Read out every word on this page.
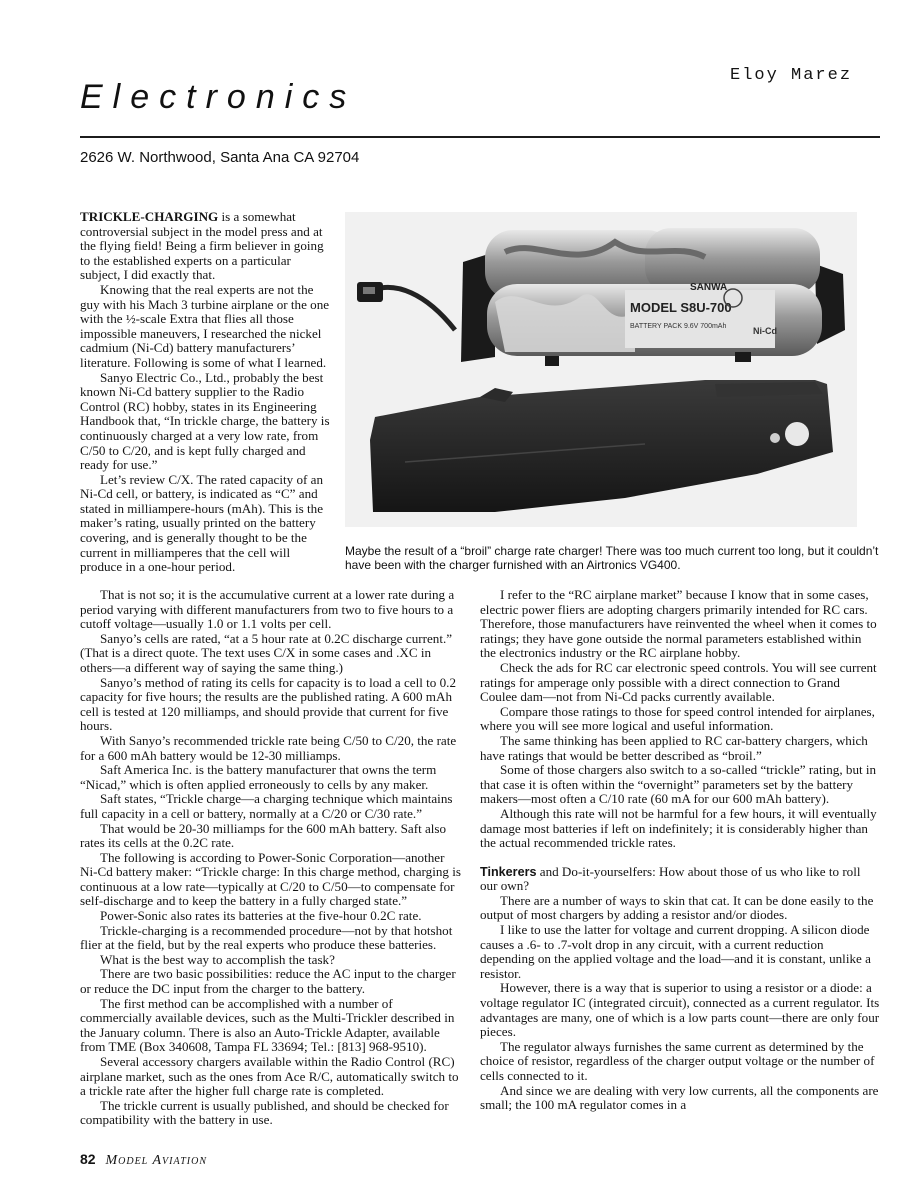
Eloy Marez
Electronics
2626 W. Northwood, Santa Ana CA 92704

TRICKLE-CHARGING is a somewhat controversial subject in the model press and at the flying field! Being a firm believer in going to the established experts on a particular subject, I did exactly that.

Knowing that the real experts are not the guy with his Mach 3 turbine airplane or the one with the ½-scale Extra that flies all those impossible maneuvers, I researched the nickel cadmium (Ni-Cd) battery manufacturers’ literature. Following is some of what I learned.

Sanyo Electric Co., Ltd., probably the best known Ni-Cd battery supplier to the Radio Control (RC) hobby, states in its Engineering Handbook that, “In trickle charge, the battery is continuously charged at a very low rate, from C/50 to C/20, and is kept fully charged and ready for use.”

Let’s review C/X. The rated capacity of an Ni-Cd cell, or battery, is indicated as “C” and stated in milliampere-hours (mAh). This is the maker’s rating, usually printed on the battery covering, and is generally thought to be the current in milliamperes that the cell will produce in a one-hour period.

SANWA
MODEL S8U-700
BATTERY PACK 9.6V 700mAh	Ni-Cd

Maybe the result of a “broil” charge rate charger! There was too much current too long, but it couldn’t have been with the charger furnished with an Airtronics VG400.

That is not so; it is the accumulative current at a lower rate during a period varying with different manufacturers from two to five hours to a cutoff voltage—usually 1.0 or 1.1 volts per cell.

Sanyo’s cells are rated, “at a 5 hour rate at 0.2C discharge current.” (That is a direct quote. The text uses C/X in some cases and .XC in others—a different way of saying the same thing.)

Sanyo’s method of rating its cells for capacity is to load a cell to 0.2 capacity for five hours; the results are the published rating. A 600 mAh cell is tested at 120 milliamps, and should provide that current for five hours.

With Sanyo’s recommended trickle rate being C/50 to C/20, the rate for a 600 mAh battery would be 12-30 milliamps.

Saft America Inc. is the battery manufacturer that owns the term “Nicad,” which is often applied erroneously to cells by any maker.

Saft states, “Trickle charge—a charging technique which maintains full capacity in a cell or battery, normally at a C/20 or C/30 rate.”

That would be 20-30 milliamps for the 600 mAh battery. Saft also rates its cells at the 0.2C rate.

The following is according to Power-Sonic Corporation—another Ni-Cd battery maker: “Trickle charge: In this charge method, charging is continuous at a low rate—typically at C/20 to C/50—to compensate for self-discharge and to keep the battery in a fully charged state.”

Power-Sonic also rates its batteries at the five-hour 0.2C rate.

Trickle-charging is a recommended procedure—not by that hotshot flier at the field, but by the real experts who produce these batteries.

What is the best way to accomplish the task?

There are two basic possibilities: reduce the AC input to the charger or reduce the DC input from the charger to the battery.

The first method can be accomplished with a number of commercially available devices, such as the Multi-Trickler described in the January column. There is also an Auto-Trickle Adapter, available from TME (Box 340608, Tampa FL 33694; Tel.: [813] 968-9510).

Several accessory chargers available within the Radio Control (RC) airplane market, such as the ones from Ace R/C, automatically switch to a trickle rate after the higher full charge rate is completed.

The trickle current is usually published, and should be checked for compatibility with the battery in use.

I refer to the “RC airplane market” because I know that in some cases, electric power fliers are adopting chargers primarily intended for RC cars. Therefore, those manufacturers have reinvented the wheel when it comes to ratings; they have gone outside the normal parameters established within the electronics industry or the RC airplane hobby.

Check the ads for RC car electronic speed controls. You will see current ratings for amperage only possible with a direct connection to Grand Coulee dam—not from Ni-Cd packs currently available.

Compare those ratings to those for speed control intended for airplanes, where you will see more logical and useful information.

The same thinking has been applied to RC car-battery chargers, which have ratings that would be better described as “broil.”

Some of those chargers also switch to a so-called “trickle” rating, but in that case it is often within the “overnight” parameters set by the battery makers—most often a C/10 rate (60 mA for our 600 mAh battery).

Although this rate will not be harmful for a few hours, it will eventually damage most batteries if left on indefinitely; it is considerably higher than the actual recommended trickle rates.

Tinkerers and Do-it-yourselfers: How about those of us who like to roll our own?

There are a number of ways to skin that cat. It can be done easily to the output of most chargers by adding a resistor and/or diodes.

I like to use the latter for voltage and current dropping. A silicon diode causes a .6- to .7-volt drop in any circuit, with a current reduction depending on the applied voltage and the load—and it is constant, unlike a resistor.

However, there is a way that is superior to using a resistor or a diode: a voltage regulator IC (integrated circuit), connected as a current regulator. Its advantages are many, one of which is a low parts count—there are only four pieces.

The regulator always furnishes the same current as determined by the choice of resistor, regardless of the charger output voltage or the number of cells connected to it.

And since we are dealing with very low currents, all the components are small; the 100 mA regulator comes in a

82 Model Aviation
